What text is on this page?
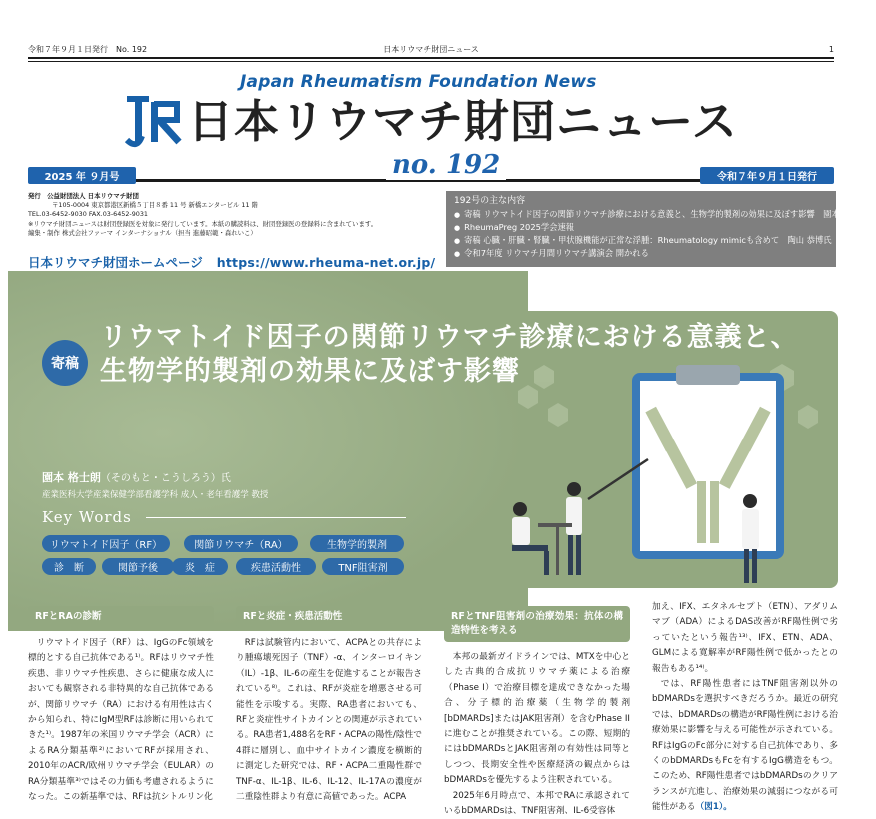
令和７年９月１日発行　No. 192	日本リウマチ財団ニュース	1
Japan Rheumatism Foundation News
日本リウマチ財団ニュース
2025 年 ９月号	no. 192	令和７年９月１日発行
発行　 公益財団法人 日本リウマチ財団
〒105-0004 東京都港区新橋５丁目８番 11 号 新橋エンタービル 11 階
TEL.03-6452-9030 FAX.03-6452-9031
※リウマチ財団ニュースは財団登録医を対象に発行しています。本紙の購読料は、財団登録医の登録料に含まれています。
編集・制作 株式会社ファーマ インターナショナル（担当 進藤昭範・森れいこ）
日本リウマチ財団ホームページ https://www.rheuma-net.or.jp/
192号の主な内容
● 寄稿 リウマトイド因子の関節リウマチ診療における意義と、生物学的製剤の効果に及ぼす影響　園本 格士朗氏
● RheumaPreg 2025学会速報
● 寄稿 心臓・肝臓・腎臓・甲状腺機能が正常な浮腫：Rheumatology mimicも含めて　陶山 恭博氏
● 令和7年度 リウマチ月間リウマチ講演会 開かれる
寄稿
リウマトイド因子の関節リウマチ診療における意義と、
生物学的製剤の効果に及ぼす影響
園本 格士朗（そのもと・こうしろう）氏
産業医科大学産業保健学部看護学科 成人・老年看護学 教授
Key Words
リウマトイド因子（RF）	関節リウマチ（RA）	生物学的製剤
診　断	関節予後	炎　症	疾患活動性	TNF阻害剤
RFとRAの診断

リウマトイド因子（RF）は、IgGのFc領域を標的とする自己抗体である¹⁾。RFはリウマチ性疾患、非リウマチ性疾患、さらに健康な成人においても観察される非特異的な自己抗体であるが、関節リウマチ（RA）における有用性は古くから知られ、特にIgM型RFは診断に用いられてきた¹⁾。1987年の米国リウマチ学会（ACR）によるRA分類基準²⁾においてRFが採用され、2010年のACR/欧州リウマチ学会（EULAR）のRA分類基準³⁾ではその力価も考慮されるようになった。この新基準では、RFは抗シトルリン化

RFと炎症・疾患活動性

RFは試験管内において、ACPAとの共存により腫瘍壊死因子（TNF）-α、インターロイキン（IL）-1β、IL-6の産生を促進することが報告されている⁸⁾。これは、RFが炎症を増悪させる可能性を示唆する。実際、RA患者においても、RFと炎症性サイトカインとの関連が示されている。RA患者1,488名をRF・ACPAの陽性/陰性で4群に層別し、血中サイトカイン濃度を横断的に測定した研究では、RF・ACPA二重陽性群でTNF-α、IL-1β、IL-6、IL-12、IL-17Aの濃度が二重陰性群より有意に高値であった。ACPA

RFとTNF阻害剤の治療効果：抗体の構造特性を考える

本邦の最新ガイドラインでは、MTXを中心とした古典的合成抗リウマチ薬による治療（Phase I）で治療目標を達成できなかった場合、分子標的治療薬（生物学的製剤[bDMARDs]またはJAK阻害剤）を含むPhase IIに進むことが推奨されている。この際、短期的にはbDMARDsとJAK阻害剤の有効性は同等としつつ、長期安全性や医療経済の観点からはbDMARDsを優先するよう注釈されている。

2025年6月時点で、本邦でRAに承認されているbDMARDsは、TNF阻害剤、IL-6受容体

加え、IFX、エタネルセプト（ETN）、アダリムマブ（ADA）によるDAS改善がRF陽性例で劣っていたという報告¹³⁾、IFX、ETN、ADA、GLMによる寛解率がRF陽性例で低かったとの報告もある¹⁴⁾。

では、RF陽性患者にはTNF阻害剤以外のbDMARDsを選択すべきだろうか。最近の研究では、bDMARDsの構造がRF陽性例における治療効果に影響を与える可能性が示されている。RFはIgGのFc部分に対する自己抗体であり、多くのbDMARDsもFcを有するIgG構造をもつ。このため、RF陽性患者ではbDMARDsのクリアランスが亢進し、治療効果の減弱につながる可能性がある（図1）。
